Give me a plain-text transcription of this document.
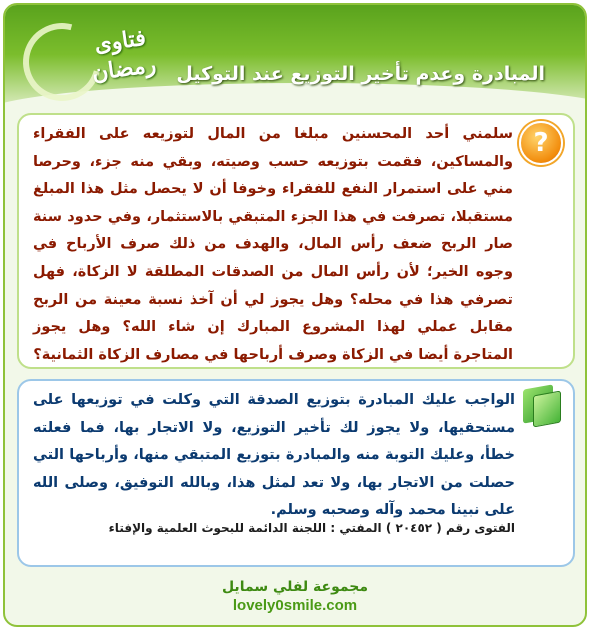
فتاوى رمضان المبادرة وعدم تأخير التوزيع عند التوكيل
?
سلمني أحد المحسنين مبلغا من المال لتوزيعه على الفقراء والمساكين، فقمت بتوزيعه حسب وصيته، وبقي منه جزء، وحرصا مني على استمرار النفع للفقراء وخوفا أن لا يحصل مثل هذا المبلغ مستقبلا، تصرفت في هذا الجزء المتبقي بالاستثمار، وفي حدود سنة صار الربح ضعف رأس المال، والهدف من ذلك صرف الأرباح في وجوه الخير؛ لأن رأس المال من الصدقات المطلقة لا الزكاة، فهل تصرفي هذا في محله؟ وهل يجوز لي أن آخذ نسبة معينة من الربح مقابل عملي لهذا المشروع المبارك إن شاء الله؟ وهل يجوز المتاجرة أيضا في الزكاة وصرف أرباحها في مصارف الزكاة الثمانية؟
الواجب عليك المبادرة بتوزيع الصدقة التي وكلت في توزيعها على مستحقيها، ولا يجوز لك تأخير التوزيع، ولا الاتجار بها، فما فعلته خطأ، وعليك التوبة منه والمبادرة بتوزيع المتبقي منها، وأرباحها التي حصلت من الاتجار بها، ولا تعد لمثل هذا، وبالله التوفيق، وصلى الله على نبينا محمد وآله وصحبه وسلم.
الفتوى رقم ( ٢٠٤٥٢ ) المفتي : اللجنة الدائمة للبحوث العلمية والإفتاء
مجموعة لفلي سمايل
lovely0smile.com
